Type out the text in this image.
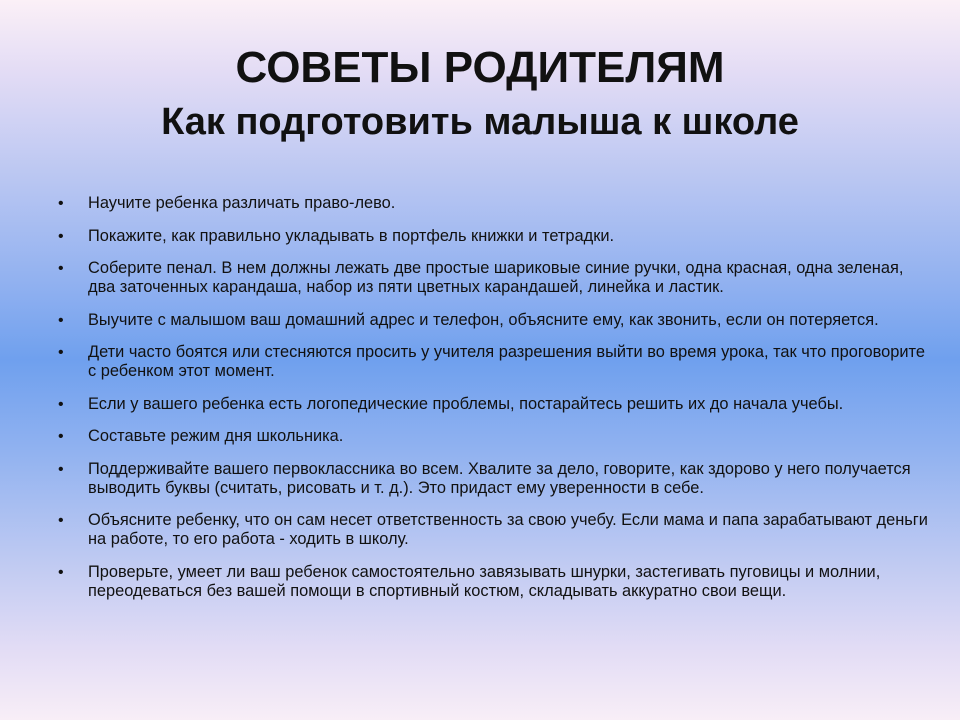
СОВЕТЫ РОДИТЕЛЯМ
Как подготовить малыша к школе
• Научите ребенка различать право-лево.
• Покажите, как правильно укладывать в портфель книжки и тетрадки.
• Соберите пенал. В нем должны лежать две простые шариковые синие ручки, одна красная, одна зеленая, два заточенных карандаша, набор из пяти цветных карандашей, линейка и ластик.
• Выучите с малышом ваш домашний адрес и телефон, объясните ему, как звонить, если он потеряется.
• Дети часто боятся или стесняются просить у учителя разрешения выйти во время урока, так что проговорите с ребенком этот момент.
• Если у вашего ребенка есть логопедические проблемы, постарайтесь решить их до начала учебы.
• Составьте режим дня школьника.
• Поддерживайте вашего первоклассника во всем. Хвалите за дело, говорите, как здорово у него получается выводить буквы (считать, рисовать и т. д.). Это придаст ему уверенности в себе.
• Объясните ребенку, что он сам несет ответственность за свою учебу. Если мама и папа зарабатывают деньги на работе, то его работа - ходить в школу.
• Проверьте, умеет ли ваш ребенок самостоятельно завязывать шнурки, застегивать пуговицы и молнии, переодеваться без вашей помощи в спортивный костюм, складывать аккуратно свои вещи.
